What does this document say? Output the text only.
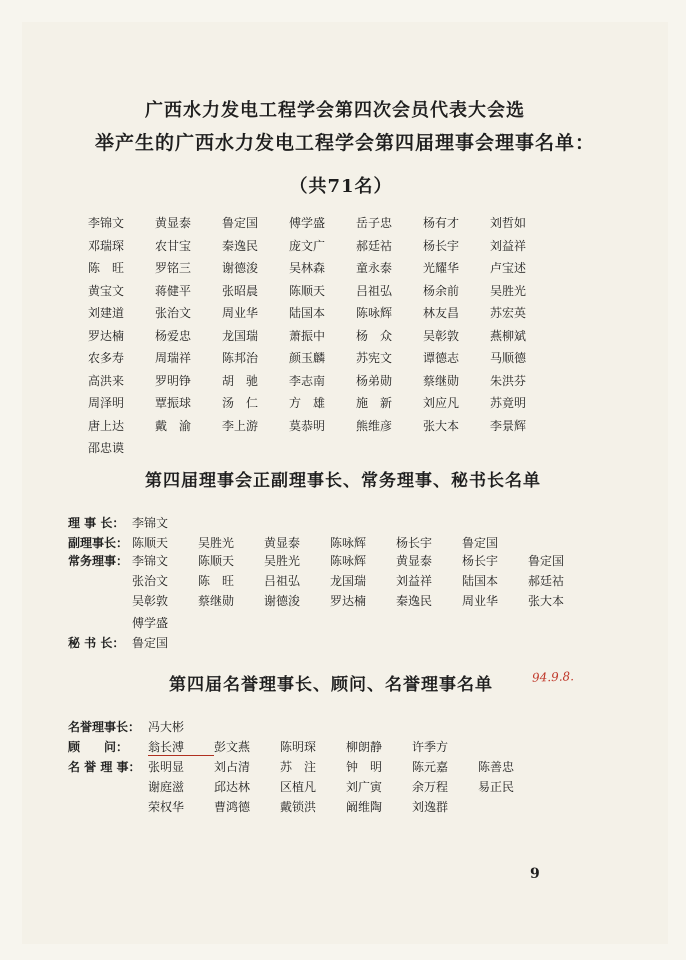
广西水力发电工程学会第四次会员代表大会选
举产生的广西水力发电工程学会第四届理事会理事名单：
（共71名）
李锦文	黄显泰	鲁定国	傅学盛	岳子忠	杨有才	刘哲如
邓瑞琛	农甘宝	秦逸民	庞文广	郝廷祜	杨长宇	刘益祥
陈　旺	罗铭三	谢德浚	吴林森	童永泰	光耀华	卢宝述
黄宝文	蒋健平	张昭晨	陈顺天	吕祖弘	杨余前	吴胜光
刘建道	张治文	周业华	陆国本	陈咏辉	林友昌	苏宏英
罗达楠	杨爱忠	龙国瑞	萧振中	杨　众	吴彰敦	燕柳斌
农多寿	周瑞祥	陈邦治	颜玉麟	苏宪文	谭德志	马顺德
高洪来	罗明铮	胡　驰	李志南	杨弟勋	蔡继勋	朱洪芬
周泽明	覃振球	汤　仁	方　雄	施　新	刘应凡	苏竟明
唐上达	戴　渝	李上游	莫恭明	熊维彦	张大本	李景辉
邵忠谟
第四届理事会正副理事长、常务理事、秘书长名单
理 事 长： 李锦文
副理事长： 陈顺天	吴胜光	黄显泰	陈咏辉	杨长宇	鲁定国
常务理事： 李锦文	陈顺天	吴胜光	陈咏辉	黄显泰	杨长宇	鲁定国
张治文	陈　旺	吕祖弘	龙国瑞	刘益祥	陆国本	郝廷祜
吴彰敦	蔡继勋	谢德浚	罗达楠	秦逸民	周业华	张大本
傅学盛
秘 书 长： 鲁定国
第四届名誉理事长、顾问、名誉理事名单	94.9.8.
名誉理事长： 冯大彬
顾　　问：	翁长溥	彭文燕	陈明琛	柳朗静	许季方
名 誉 理 事： 张明显	刘占清	苏　注	钟　明	陈元嘉	陈善忠
谢庭滋	邱达林	区植凡	刘广寅	余万程	易正民
荣权华	曹鸿德	戴锁洪	阚维陶	刘逸群
9
